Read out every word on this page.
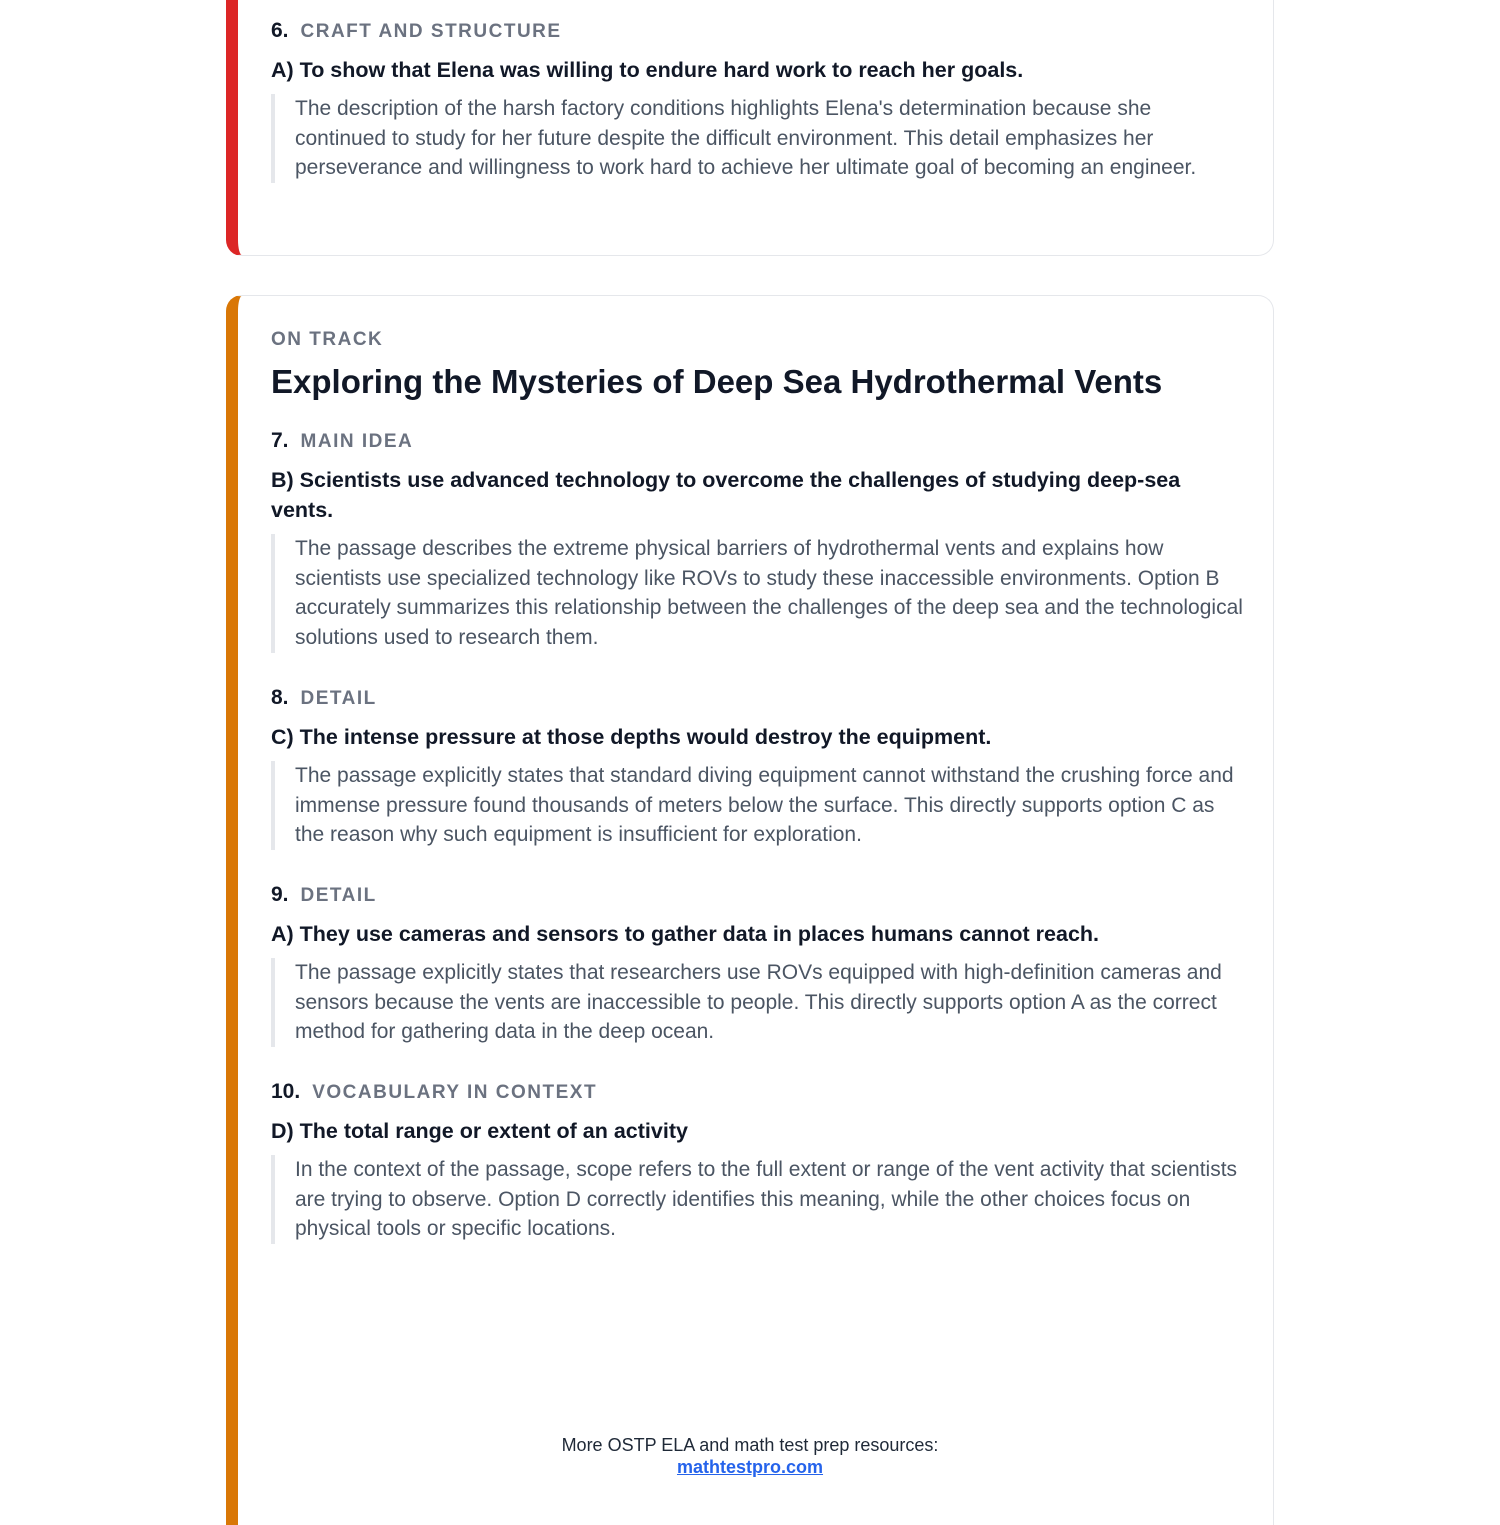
6. CRAFT AND STRUCTURE

A) To show that Elena was willing to endure hard work to reach her goals.

The description of the harsh factory conditions highlights Elena's determination because she continued to study for her future despite the difficult environment. This detail emphasizes her perseverance and willingness to work hard to achieve her ultimate goal of becoming an engineer.

ON TRACK

Exploring the Mysteries of Deep Sea Hydrothermal Vents
7. MAIN IDEA

B) Scientists use advanced technology to overcome the challenges of studying deep-sea vents.

The passage describes the extreme physical barriers of hydrothermal vents and explains how scientists use specialized technology like ROVs to study these inaccessible environments. Option B accurately summarizes this relationship between the challenges of the deep sea and the technological solutions used to research them.

8. DETAIL

C) The intense pressure at those depths would destroy the equipment.

The passage explicitly states that standard diving equipment cannot withstand the crushing force and immense pressure found thousands of meters below the surface. This directly supports option C as the reason why such equipment is insufficient for exploration.

9. DETAIL

A) They use cameras and sensors to gather data in places humans cannot reach.

The passage explicitly states that researchers use ROVs equipped with high-definition cameras and sensors because the vents are inaccessible to people. This directly supports option A as the correct method for gathering data in the deep ocean.

10. VOCABULARY IN CONTEXT

D) The total range or extent of an activity

In the context of the passage, scope refers to the full extent or range of the vent activity that scientists are trying to observe. Option D correctly identifies this meaning, while the other choices focus on physical tools or specific locations.

More OSTP ELA and math test prep resources:
mathtestpro.com
